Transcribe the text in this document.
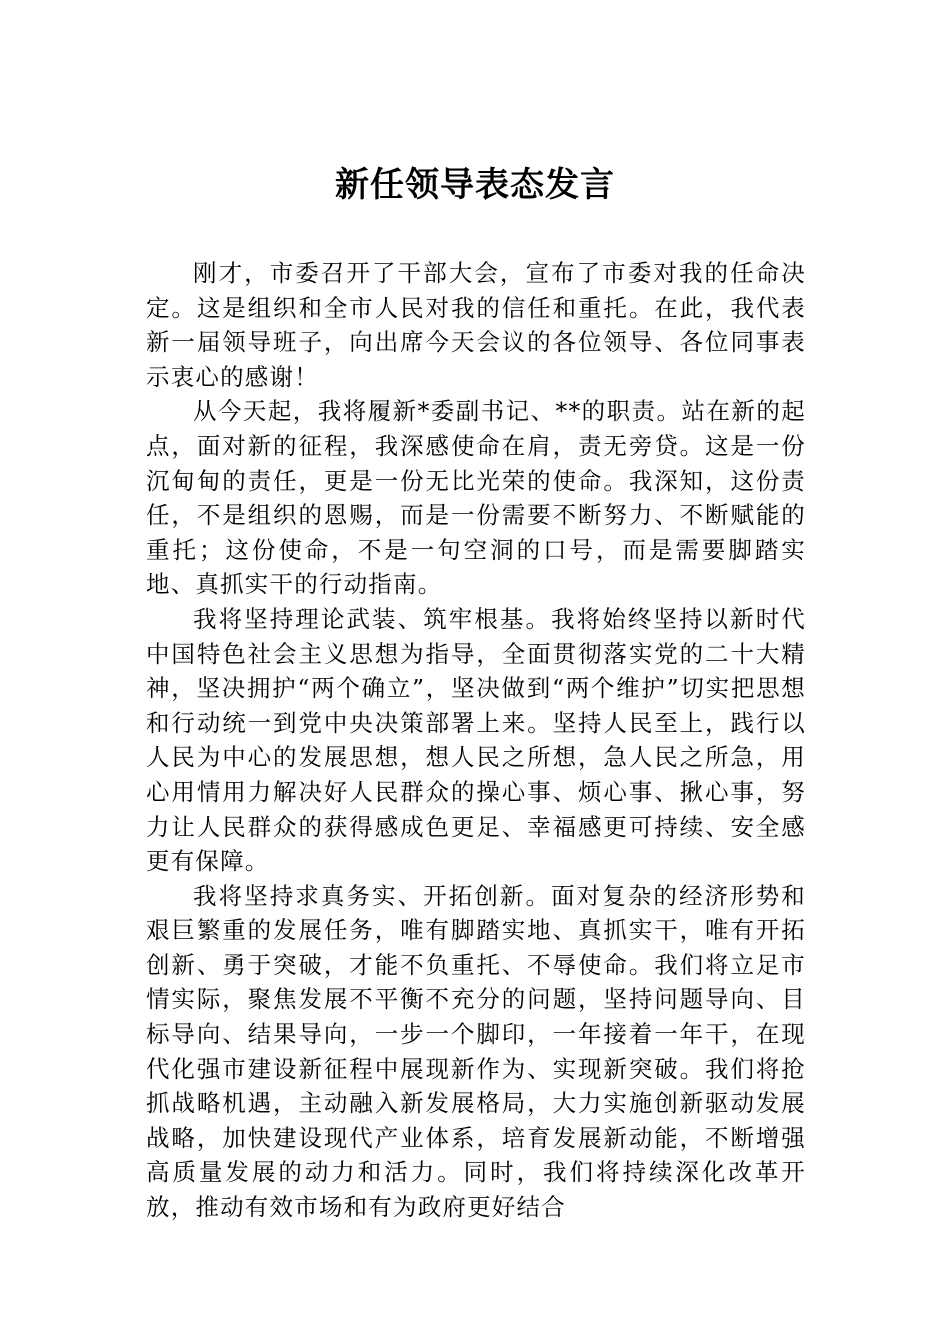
新任领导表态发言

刚才，市委召开了干部大会，宣布了市委对我的任命决定。这是组织和全市人民对我的信任和重托。在此，我代表新一届领导班子，向出席今天会议的各位领导、各位同事表示衷心的感谢！

从今天起，我将履新*委副书记、**的职责。站在新的起点，面对新的征程，我深感使命在肩，责无旁贷。这是一份沉甸甸的责任，更是一份无比光荣的使命。我深知，这份责任，不是组织的恩赐，而是一份需要不断努力、不断赋能的重托；这份使命，不是一句空洞的口号，而是需要脚踏实地、真抓实干的行动指南。

我将坚持理论武装、筑牢根基。我将始终坚持以新时代中国特色社会主义思想为指导，全面贯彻落实党的二十大精神，坚决拥护“两个确立”，坚决做到“两个维护”切实把思想和行动统一到党中央决策部署上来。坚持人民至上，践行以人民为中心的发展思想，想人民之所想，急人民之所急，用心用情用力解决好人民群众的操心事、烦心事、揪心事，努力让人民群众的获得感成色更足、幸福感更可持续、安全感更有保障。

我将坚持求真务实、开拓创新。面对复杂的经济形势和艰巨繁重的发展任务，唯有脚踏实地、真抓实干，唯有开拓创新、勇于突破，才能不负重托、不辱使命。我们将立足市情实际，聚焦发展不平衡不充分的问题，坚持问题导向、目标导向、结果导向，一步一个脚印，一年接着一年干，在现代化强市建设新征程中展现新作为、实现新突破。我们将抢抓战略机遇，主动融入新发展格局，大力实施创新驱动发展战略，加快建设现代产业体系，培育发展新动能，不断增强高质量发展的动力和活力。同时，我们将持续深化改革开放，推动有效市场和有为政府更好结合
